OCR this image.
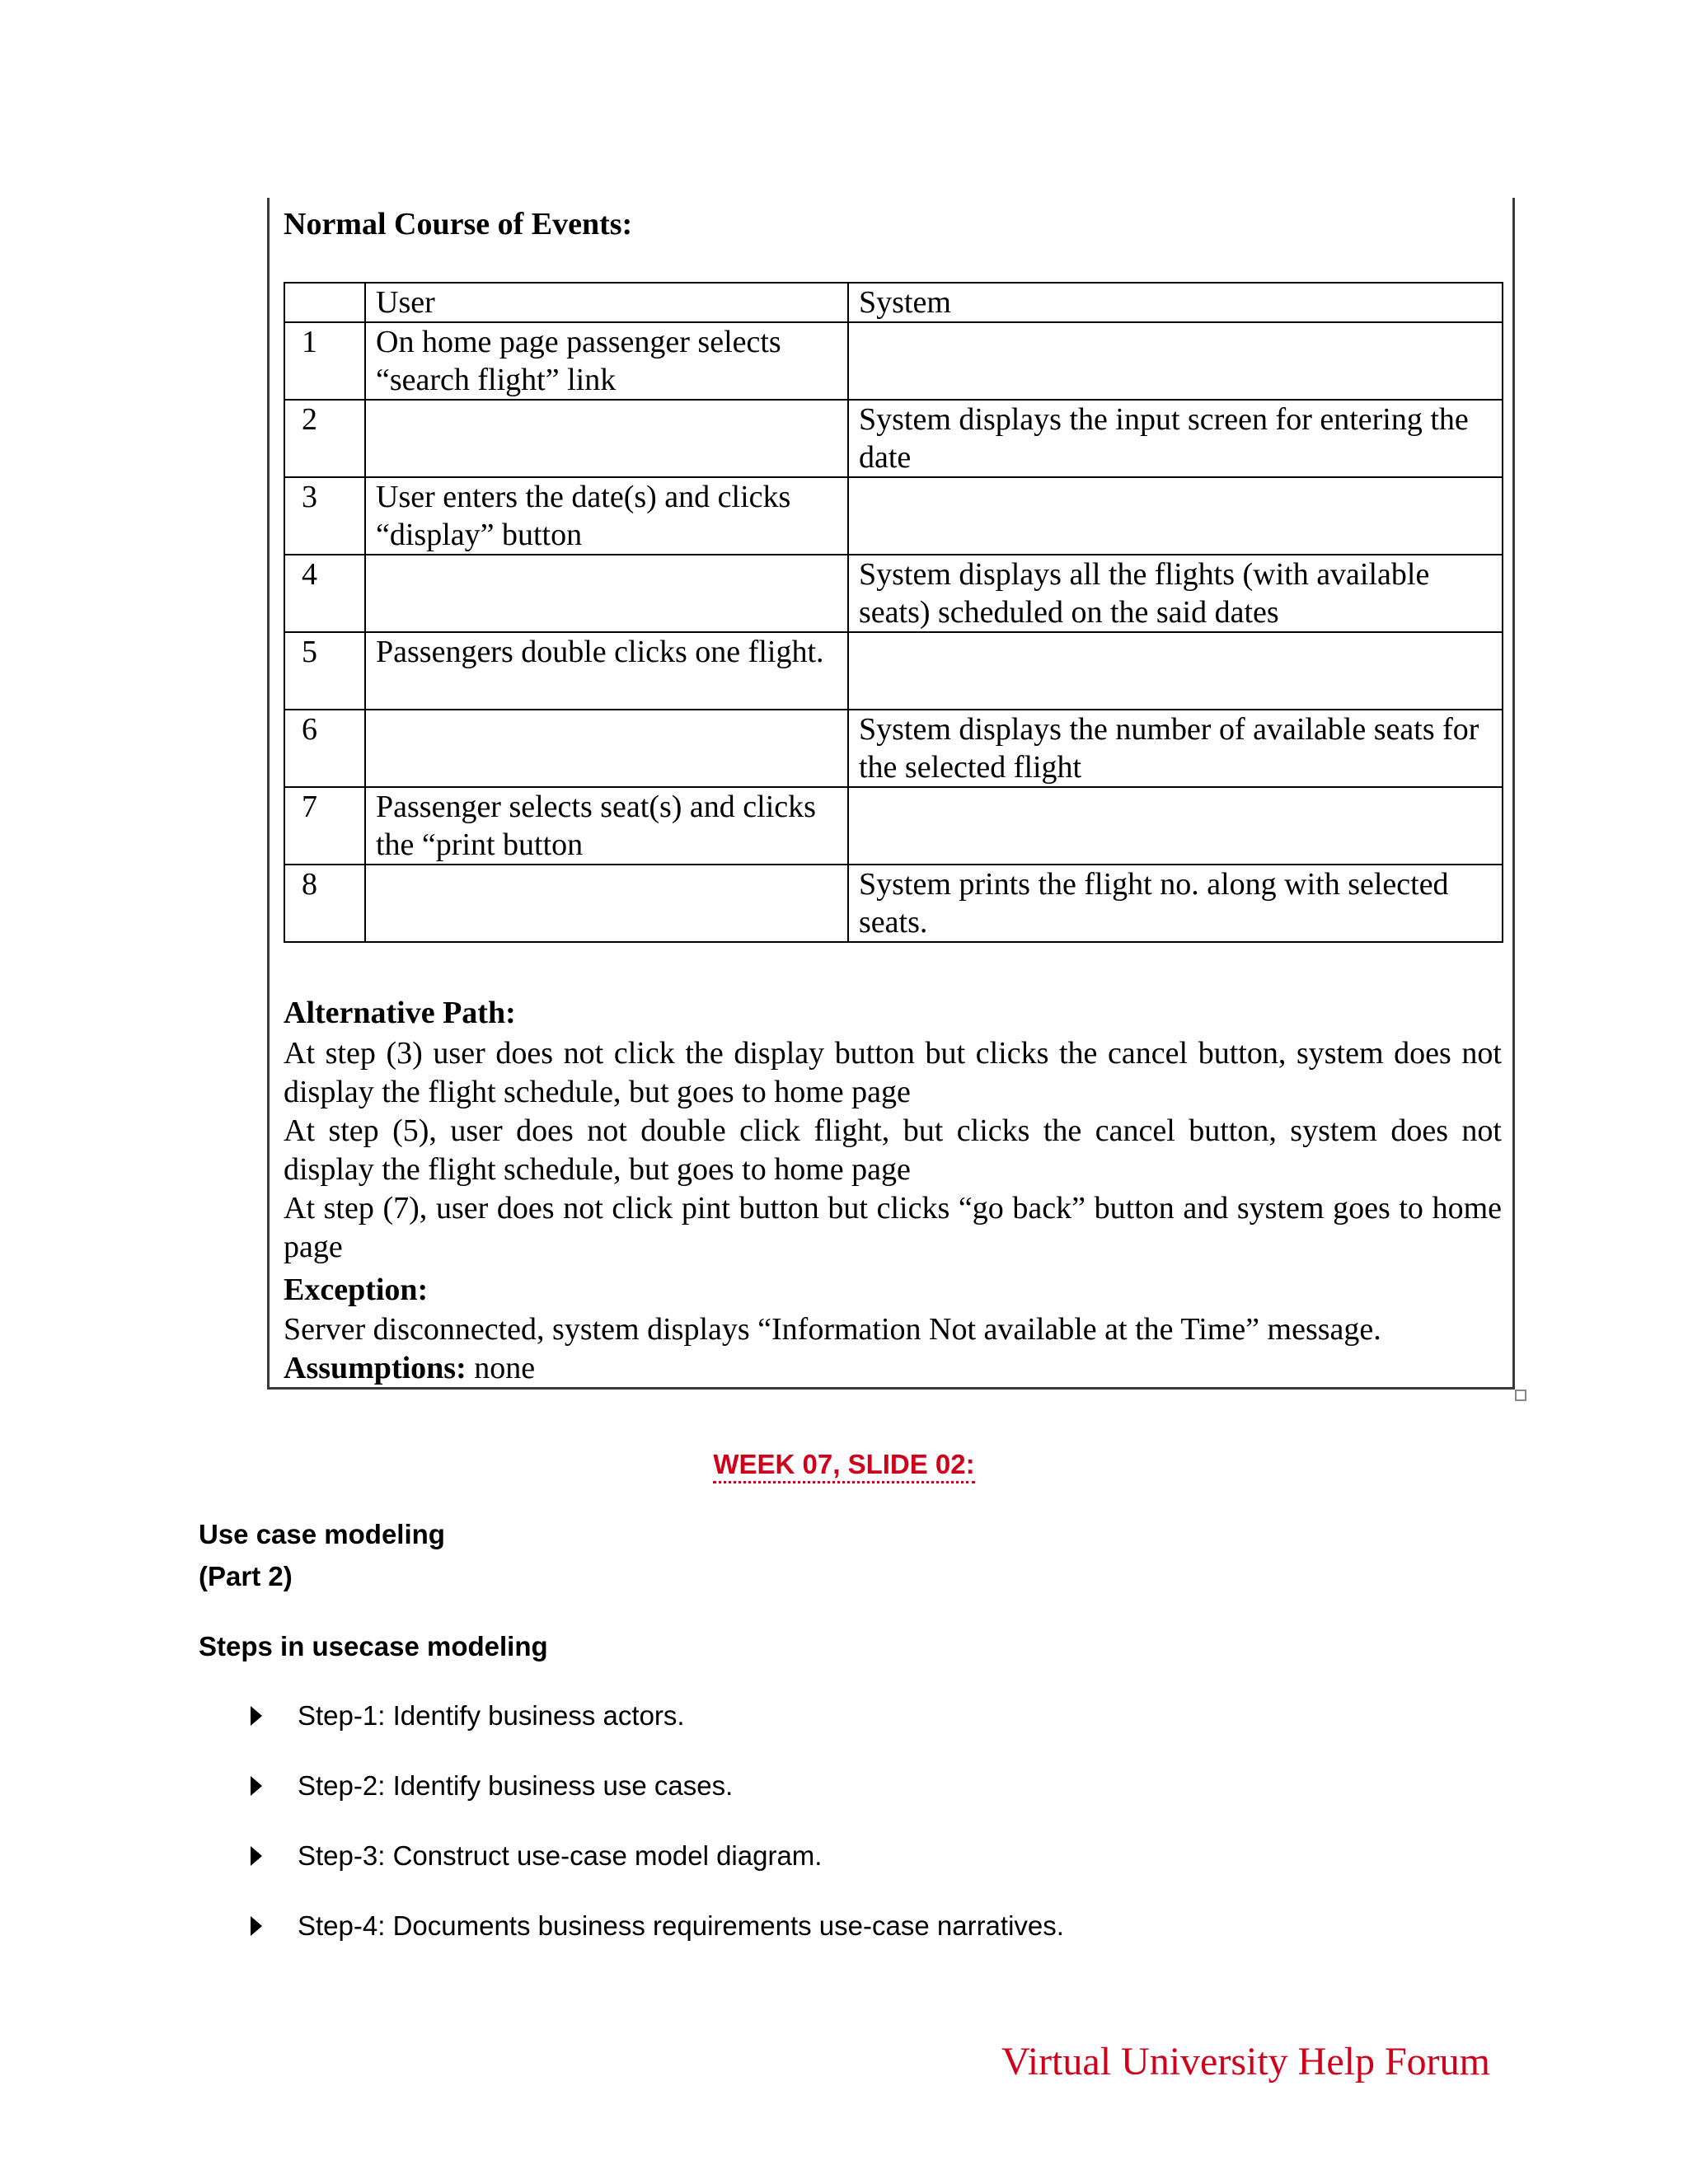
Normal Course of Events:
	User	System
1	On home page passenger selects “search flight” link	
2		System displays the input screen for entering the date
3	User enters the date(s) and clicks “display” button	
4		System displays all the flights (with available seats) scheduled on the said dates
5	Passengers double clicks one flight.	
6		System displays the number of available seats for the selected flight
7	Passenger selects seat(s) and clicks the “print button	
8		System prints the flight no. along with selected seats.
Alternative Path:
At step (3) user does not click the display button but clicks the cancel button, system does not display the flight schedule, but goes to home page
At step (5), user does not double click flight, but clicks the cancel button, system does not display the flight schedule, but goes to home page
At step (7), user does not click pint button but clicks “go back” button and system goes to home page
Exception:
Server disconnected, system displays “Information Not available at the Time” message.
Assumptions: none
WEEK 07, SLIDE 02:
Use case modeling
(Part 2)
Steps in usecase modeling
Step-1: Identify business actors.
Step-2: Identify business use cases.
Step-3: Construct use-case model diagram.
Step-4: Documents business requirements use-case narratives.
Virtual University Help Forum
